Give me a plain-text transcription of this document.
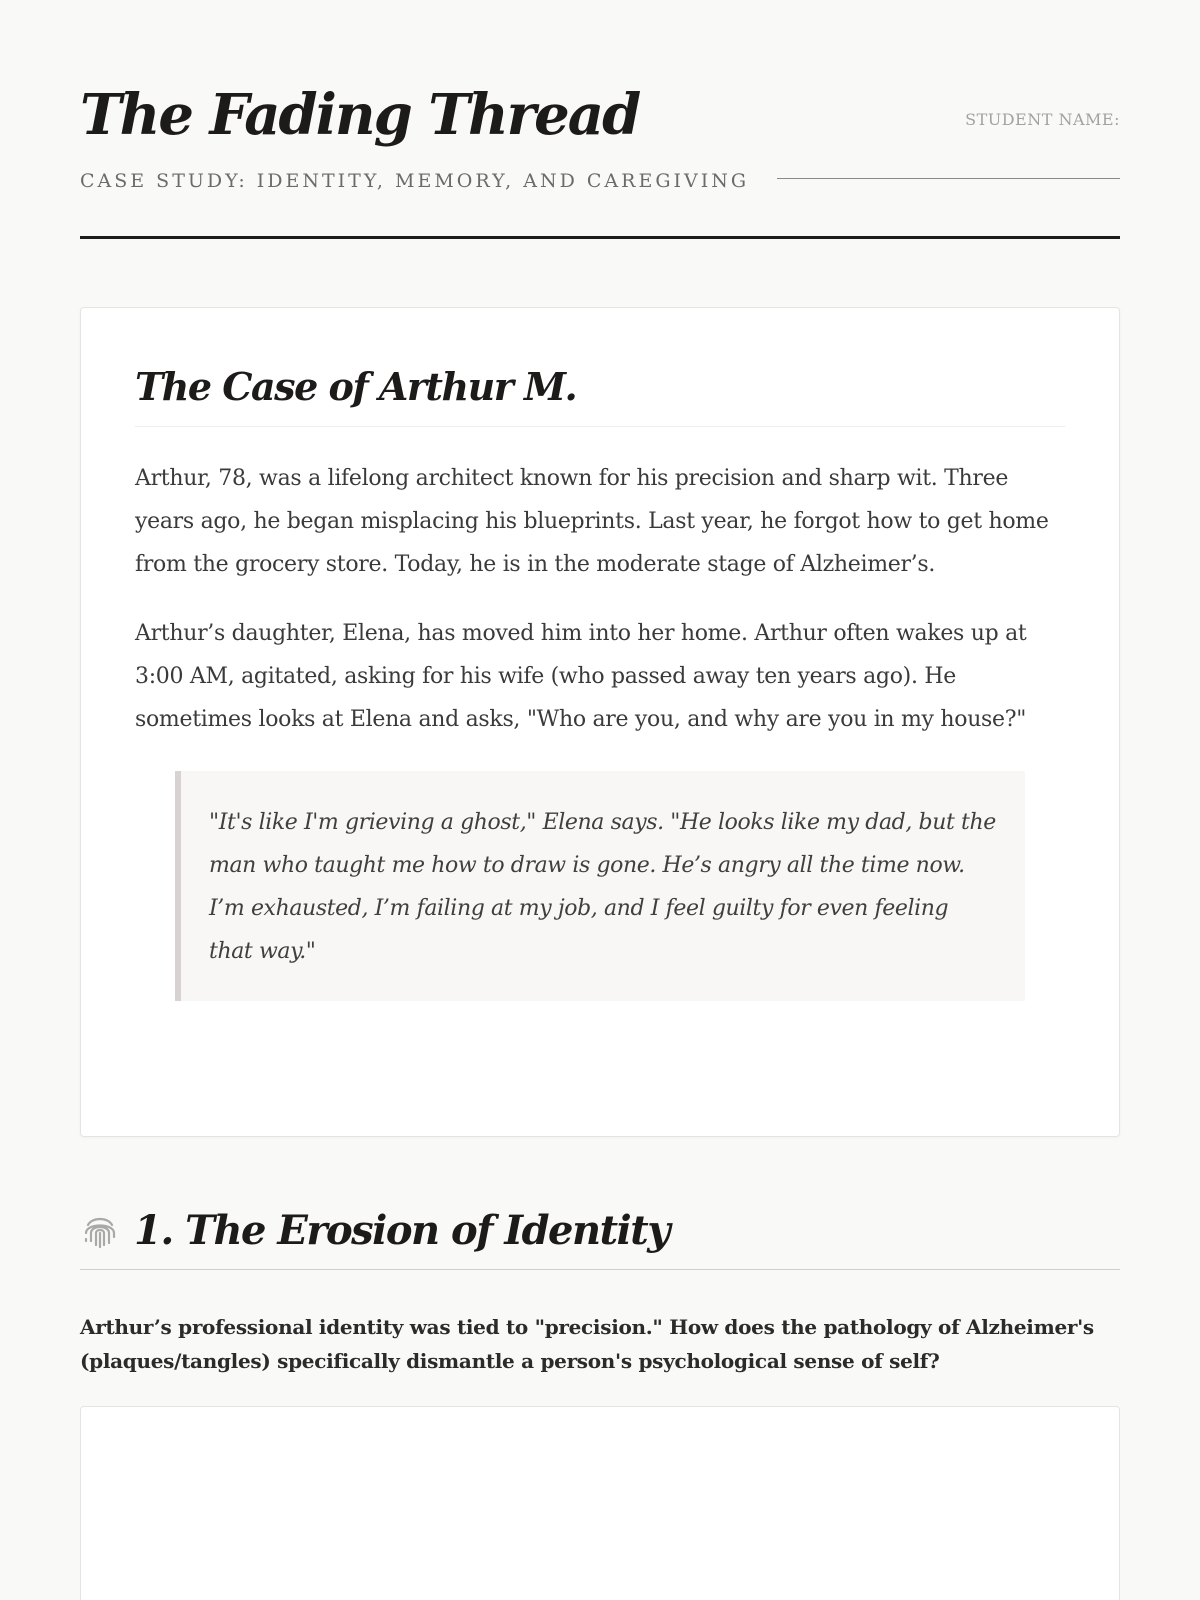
The Fading Thread
CASE STUDY: IDENTITY, MEMORY, AND CAREGIVING
STUDENT NAME:
The Case of Arthur M.

Arthur, 78, was a lifelong architect known for his precision and sharp wit. Three years ago, he began misplacing his blueprints. Last year, he forgot how to get home from the grocery store. Today, he is in the moderate stage of Alzheimer’s.

Arthur’s daughter, Elena, has moved him into her home. Arthur often wakes up at 3:00 AM, agitated, asking for his wife (who passed away ten years ago). He sometimes looks at Elena and asks, "Who are you, and why are you in my house?"

"It's like I'm grieving a ghost," Elena says. "He looks like my dad, but the man who taught me how to draw is gone. He’s angry all the time now. I’m exhausted, I’m failing at my job, and I feel guilty for even feeling that way."
1. The Erosion of Identity
Arthur’s professional identity was tied to "precision." How does the pathology of Alzheimer's (plaques/tangles) specifically dismantle a person's psychological sense of self?
